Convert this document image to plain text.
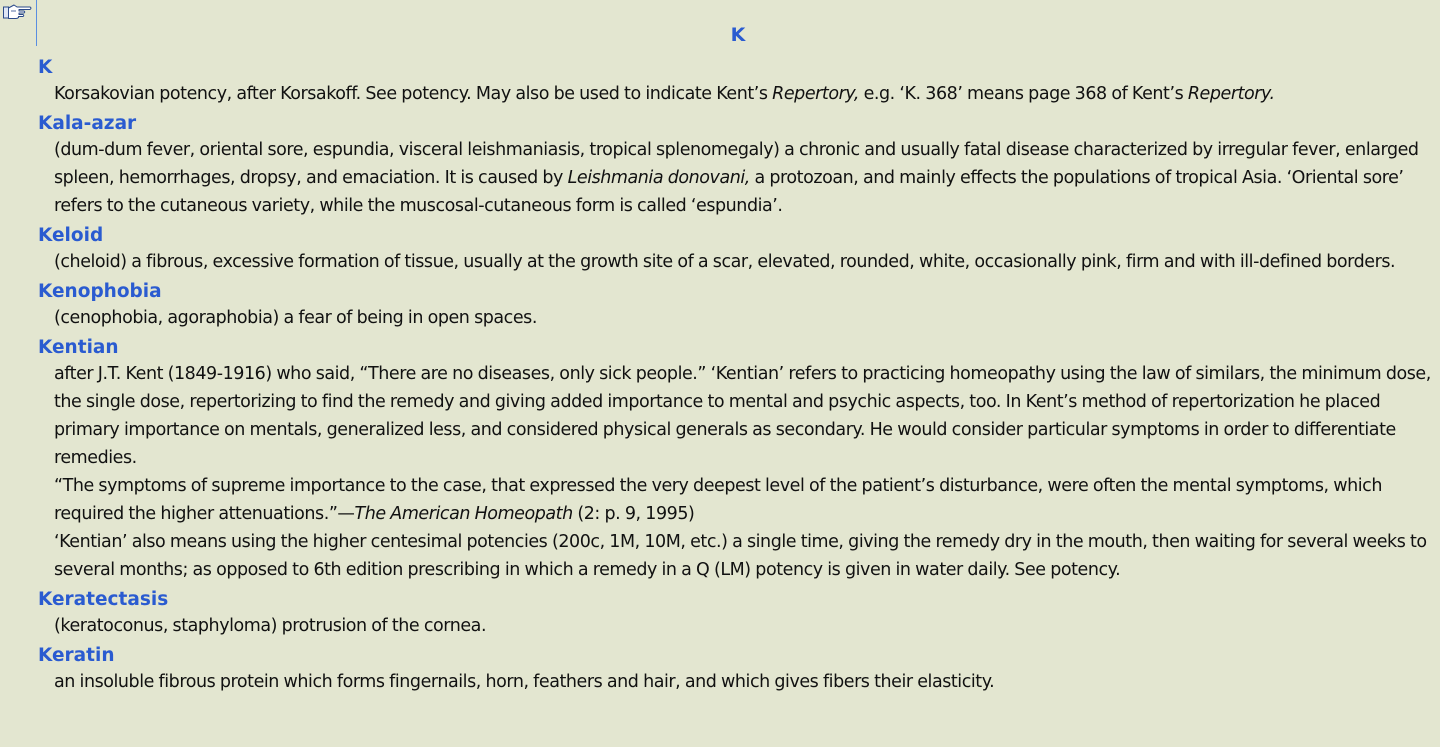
K
K

Korsakovian potency, after Korsakoff. See potency. May also be used to indicate Kent’s Repertory, e.g. ‘K. 368’ means page 368 of Kent’s Repertory.

Kala-azar

(dum-dum fever, oriental sore, espundia, visceral leishmaniasis, tropical splenomegaly) a chronic and usually fatal disease characterized by irregular fever, enlarged spleen, hemorrhages, dropsy, and emaciation. It is caused by Leishmania donovani, a protozoan, and mainly effects the populations of tropical Asia. ‘Oriental sore’ refers to the cutaneous variety, while the muscosal-cutaneous form is called ‘espundia’.

Keloid

(cheloid) a fibrous, excessive formation of tissue, usually at the growth site of a scar, elevated, rounded, white, occasionally pink, firm and with ill-defined borders.

Kenophobia

(cenophobia, agoraphobia) a fear of being in open spaces.

Kentian

after J.T. Kent (1849-1916) who said, “There are no diseases, only sick people.” ‘Kentian’ refers to practicing homeopathy using the law of similars, the minimum dose, the single dose, repertorizing to find the remedy and giving added importance to mental and psychic aspects, too. In Kent’s method of repertorization he placed primary importance on mentals, generalized less, and considered physical generals as secondary. He would consider particular symptoms in order to differentiate remedies.

“The symptoms of supreme importance to the case, that expressed the very deepest level of the patient’s disturbance, were often the mental symptoms, which required the higher attenuations.”—The American Homeopath (2: p. 9, 1995)

‘Kentian’ also means using the higher centesimal potencies (200c, 1M, 10M, etc.) a single time, giving the remedy dry in the mouth, then waiting for several weeks to several months; as opposed to 6th edition prescribing in which a remedy in a Q (LM) potency is given in water daily. See potency.

Keratectasis

(keratoconus, staphyloma) protrusion of the cornea.

Keratin

an insoluble fibrous protein which forms fingernails, horn, feathers and hair, and which gives fibers their elasticity.
